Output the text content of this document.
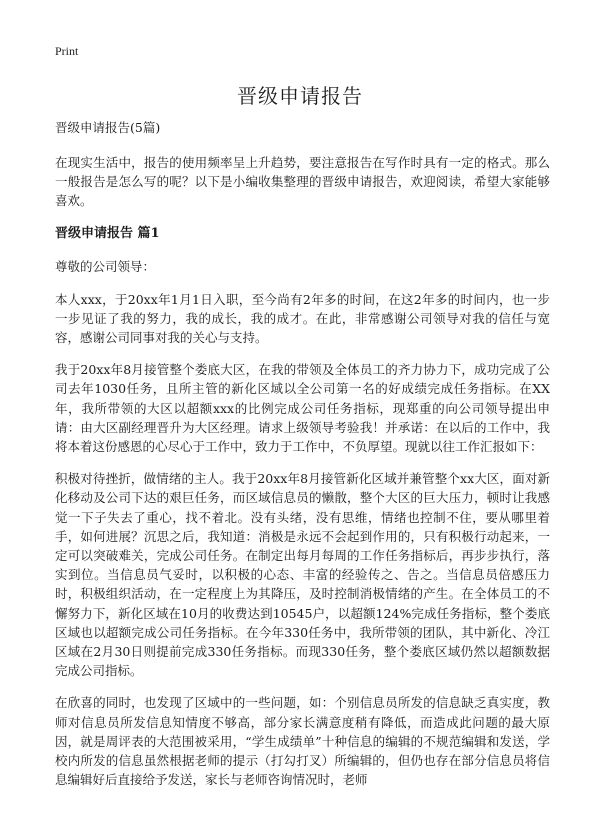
Print
晋级申请报告

晋级申请报告(5篇)

在现实生活中，报告的使用频率呈上升趋势，要注意报告在写作时具有一定的格式。那么一般报告是怎么写的呢？以下是小编收集整理的晋级申请报告，欢迎阅读，希望大家能够喜欢。

晋级申请报告 篇1

尊敬的公司领导：

本人xxx，于20xx年1月1日入职，至今尚有2年多的时间，在这2年多的时间内，也一步一步见证了我的努力，我的成长，我的成才。在此，非常感谢公司领导对我的信任与宽容，感谢公司同事对我的关心与支持。

我于20xx年8月接管整个娄底大区，在我的带领及全体员工的齐力协力下，成功完成了公司去年1030任务，且所主管的新化区域以全公司第一名的好成绩完成任务指标。在XX年，我所带领的大区以超额xxx的比例完成公司任务指标，现郑重的向公司领导提出申请：由大区副经理晋升为大区经理。请求上级领导考验我！并承诺：在以后的工作中，我将本着这份感恩的心尽心于工作中，致力于工作中，不负厚望。现就以往工作汇报如下：

积极对待挫折，做情绪的主人。我于20xx年8月接管新化区域并兼管整个xx大区，面对新化移动及公司下达的艰巨任务，而区域信息员的懒散，整个大区的巨大压力，顿时让我感觉一下子失去了重心，找不着北。没有头绪，没有思维，情绪也控制不住，要从哪里着手，如何进展？沉思之后，我知道：消极是永远不会起到作用的，只有积极行动起来，一定可以突破难关，完成公司任务。在制定出每月每周的工作任务指标后，再步步执行，落实到位。当信息员气妥时，以积极的心态、丰富的经验传之、告之。当信息员倍感压力时，积极组织活动，在一定程度上为其降压，及时控制消极情绪的产生。在全体员工的不懈努力下，新化区域在10月的收费达到10545户，以超额124%完成任务指标，整个娄底区域也以超额完成公司任务指标。在今年330任务中，我所带领的团队，其中新化、冷江区域在2月30日则提前完成330任务指标。而现330任务，整个娄底区域仍然以超额数据完成公司指标。

在欣喜的同时，也发现了区域中的一些问题，如：个别信息员所发的信息缺乏真实度，教师对信息员所发信息知情度不够高，部分家长满意度稍有降低，而造成此问题的最大原因，就是周评表的大范围被采用，“学生成绩单”十种信息的编辑的不规范编辑和发送，学校内所发的信息虽然根据老师的提示（打勾打叉）所编辑的，但仍也存在部分信息员将信息编辑好后直接给予发送，家长与老师咨询情况时，老师
